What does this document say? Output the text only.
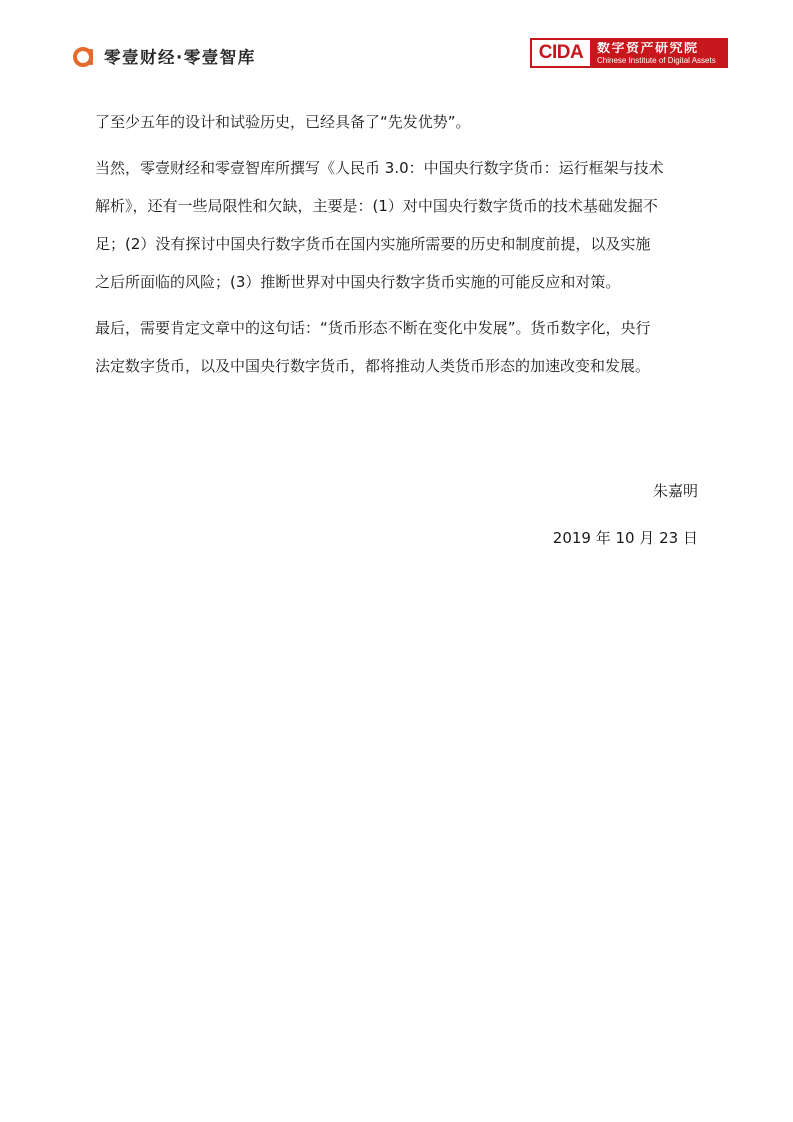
零壹财经·零壹智库	CIDA	数字资产研究院
Chinese Institute of Digital Assets

了至少五年的设计和试验历史，已经具备了“先发优势”。

当然，零壹财经和零壹智库所撰写《人民币 3.0：中国央行数字货币：运行框架与技术
解析》，还有一些局限性和欠缺，主要是：(1）对中国央行数字货币的技术基础发掘不
足；(2）没有探讨中国央行数字货币在国内实施所需要的历史和制度前提，以及实施
之后所面临的风险；(3）推断世界对中国央行数字货币实施的可能反应和对策。

最后，需要肯定文章中的这句话：“货币形态不断在变化中发展”。货币数字化，央行
法定数字货币，以及中国央行数字货币，都将推动人类货币形态的加速改变和发展。

朱嘉明
2019 年 10 月 23 日
